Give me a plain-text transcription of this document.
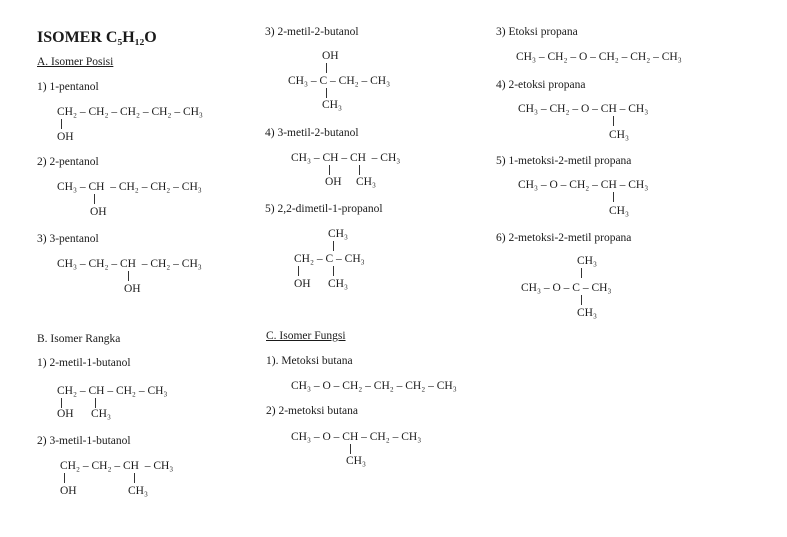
ISOMER C₅H₁₂O
A. Isomer Posisi
1) 1-pentanol
CH₂ – CH₂ – CH₂ – CH₂ – CH₃
OH
2) 2-pentanol
CH₃ – CH  – CH₂ – CH₂ – CH₃
OH
3) 3-pentanol
CH₃ – CH₂ – CH  – CH₂ – CH₃
OH
3) 2-metil-2-butanol
OH
CH₃ – C – CH₂ – CH₃
CH₃
4) 3-metil-2-butanol
CH₃ – CH – CH  – CH₃
OH CH₃
5) 2,2-dimetil-1-propanol
CH₃
CH₂ – C – CH₃
OH CH₃
B. Isomer Rangka
1) 2-metil-1-butanol
CH₂ – CH – CH₂ – CH₃
OH CH₃
2) 3-metil-1-butanol
CH₂ – CH₂ – CH  – CH₃
OH	CH₃
C. Isomer Fungsi
1). Metoksi butana
CH₃ – O – CH₂ – CH₂ – CH₂ – CH₃
2) 2-metoksi butana
CH₃ – O – CH – CH₂ – CH₃
CH₃
3) Etoksi propana
CH₃ – CH₂ – O – CH₂ – CH₂ – CH₃
4) 2-etoksi propana
CH₃ – CH₂ – O – CH – CH₃
CH₃
5) 1-metoksi-2-metil propana
CH₃ – O – CH₂ – CH – CH₃
CH₃
6) 2-metoksi-2-metil propana
CH₃
CH₃ – O – C – CH₃
CH₃
